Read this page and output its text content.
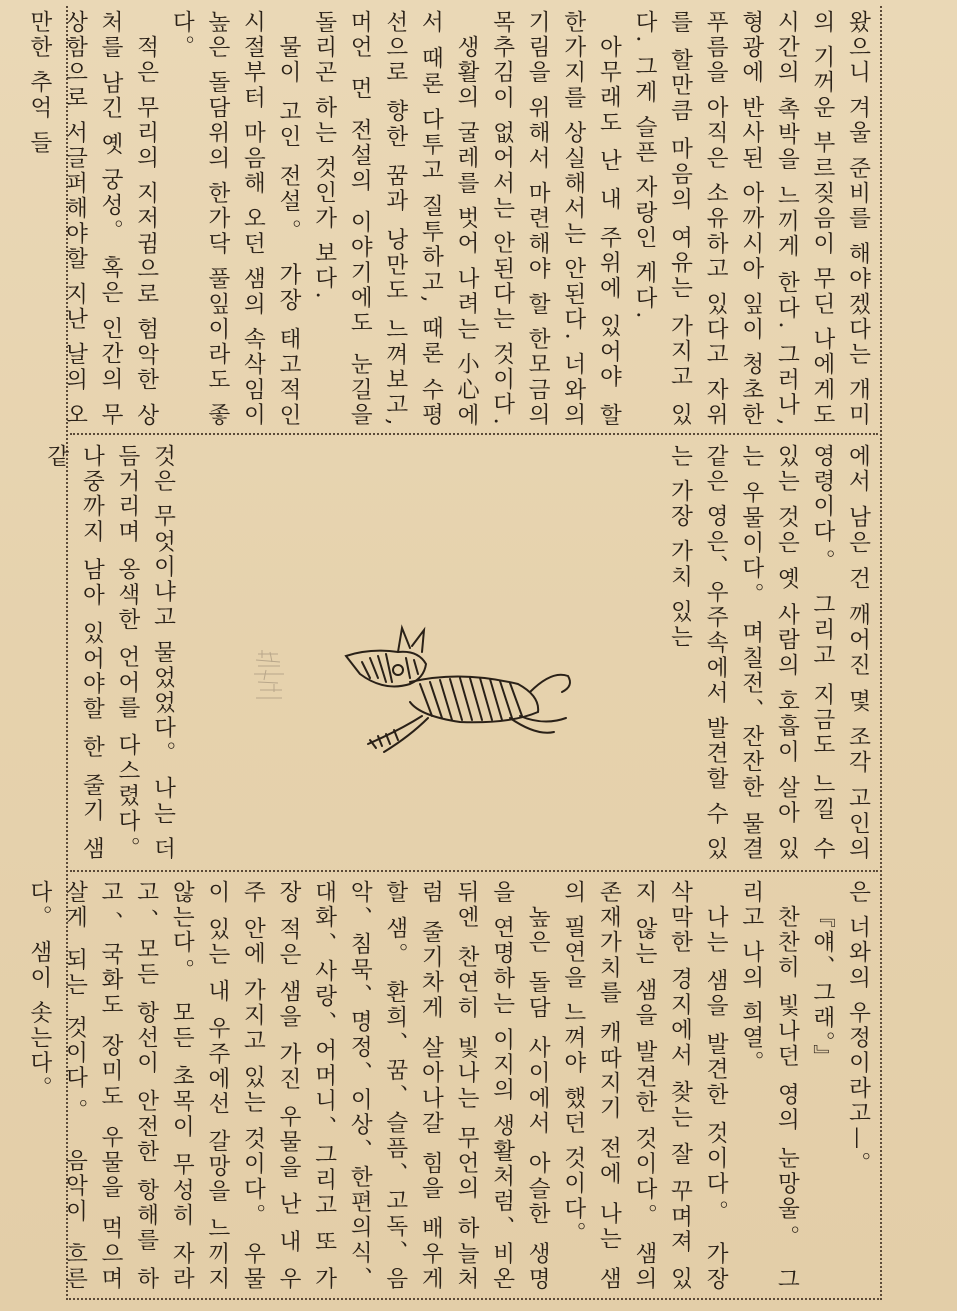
왔으니 겨울 준비를 해야겠다는 개미의 기꺼운 부르짖음이 무딘 나에게도 시간의 촉박을 느끼게 한다. 그러나, 형광에 반사된 아까시아 잎이 청초한 푸름을 아직은 소유하고 있다고 자위를 할만큼 마음의 여유는 가지고 있다. 그게 슬픈 자랑인 게다.

아무래도 난 내 주위에 있어야 할 한가지를 상실해서는 안된다. 너와의 기림을 위해서 마련해야 할 한모금의 목추김이 없어서는 안된다는 것이다.

생활의 굴레를 벗어 나려는 小心에서 때론 다투고 질투하고, 때론 수평선으로 향한 꿈과 낭만도 느껴보고, 머언 먼 전설의 이야기에도 눈길을 돌리곤 하는 것인가 보다.

물이 고인 전설。 가장 태고적인 시절부터 마음해 오던 샘의 속삭임이 높은 돌담위의 한가닥 풀잎이라도 좋다。

적은 무리의 지저귐으로 험악한 상처를 남긴 옛 궁성。 혹은 인간의 무상함으로 서글퍼해야할 지난 날의 오만한 추억 들

에서 남은 건 깨어진 몇 조각 고인의 영령이다。 그리고 지금도 느낄 수 있는 것은 옛 사람의 호흡이 살아 있는 우물이다。 며칠전、잔잔한 물결같은 영은、우주속에서 발견할 수 있는 가장 가치 있는

것은 무엇이냐고 물었었다。 나는 더듬거리며 옹색한 언어를 다스렸다。 나중까지 남아 있어야할 한 줄기 샘같

은 너와의 우정이라고—。

『얘、그래。』

찬찬히 빛나던 영의 눈망울。 그리고 나의 희열。

나는 샘을 발견한 것이다。 가장 삭막한 경지에서 찾는 잘 꾸며져 있지 않는 샘을 발견한 것이다。 샘의 존재가치를 캐따지기 전에 나는 샘의 필연을 느껴야 했던 것이다。

높은 돌담 사이에서 아슬한 생명을 연명하는 이지의 생활처럼、비온 뒤엔 찬연히 빛나는 무언의 하늘처럼 줄기차게 살아나갈 힘을 배우게 할 샘。 환희、꿈、슬픔、고독、음악、침묵、명정、이상、한편의식、대화、사랑、어머니、그리고 또 가장 적은 샘을 가진 우물을 난 내 우주 안에 가지고 있는 것이다。 우물이 있는 내 우주에선 갈망을 느끼지 않는다。 모든 초목이 무성히 자라고、모든 항선이 안전한 항해를 하고、국화도 장미도 우물을 먹으며 살게 되는 것이다。 음악이 흐른다。 샘이 솟는다。
